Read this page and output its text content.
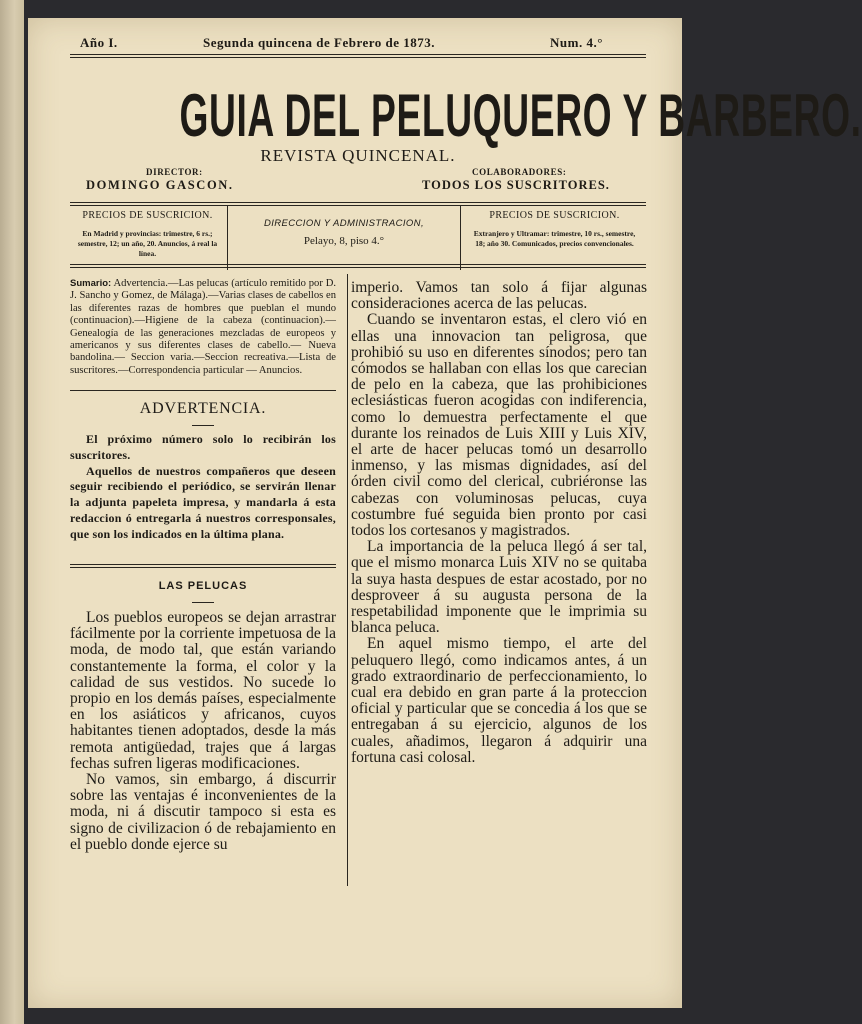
Año I.	Segunda quincena de Febrero de 1873.	Num. 4.°
GUIA DEL PELUQUERO Y BARBERO.
REVISTA QUINCENAL.
DIRECTOR:
DOMINGO GASCON.
COLABORADORES:
TODOS LOS SUSCRITORES.
PRECIOS DE SUSCRICION.
En Madrid y provincias: trimestre, 6 rs.; semestre, 12; un año, 20. Anuncios, á real la línea.
DIRECCION Y ADMINISTRACION,
Pelayo, 8, piso 4.°
PRECIOS DE SUSCRICION.
Extranjero y Ultramar: trimestre, 10 rs., semestre, 18; año 30. Comunicados, precios convencionales.

Sumario: Advertencia.—Las pelucas (artículo remitido por D. J. Sancho y Gomez, de Málaga).—Varias clases de cabellos en las diferentes razas de hombres que pueblan el mundo (continuacion).—Higiene de la cabeza (continuacion).—Genealogía de las generaciones mezcladas de europeos y americanos y sus diferentes clases de cabello.— Nueva bandolina.— Seccion varia.—Seccion recreativa.—Lista de suscritores.—Correspondencia particular — Anuncios.

ADVERTENCIA.

El próximo número solo lo recibirán los suscritores.

Aquellos de nuestros compañeros que deseen seguir recibiendo el periódico, se servirán llenar la adjunta papeleta impresa, y mandarla á esta redaccion ó entregarla á nuestros corresponsales, que son los indicados en la última plana.

LAS PELUCAS

Los pueblos europeos se dejan arrastrar fácilmente por la corriente impetuosa de la moda, de modo tal, que están variando constantemente la forma, el color y la calidad de sus vestidos. No sucede lo propio en los demás países, especialmente en los asiáticos y africanos, cuyos habitantes tienen adoptados, desde la más remota antigüedad, trajes que á largas fechas sufren ligeras modificaciones.

No vamos, sin embargo, á discurrir sobre las ventajas é inconvenientes de la moda, ni á discutir tampoco si esta es signo de civilizacion ó de rebajamiento en el pueblo donde ejerce su

imperio. Vamos tan solo á fijar algunas consideraciones acerca de las pelucas.

Cuando se inventaron estas, el clero vió en ellas una innovacion tan peligrosa, que prohibió su uso en diferentes sínodos; pero tan cómodos se hallaban con ellas los que carecian de pelo en la cabeza, que las prohibiciones eclesiásticas fueron acogidas con indiferencia, como lo demuestra perfectamente el que durante los reinados de Luis XIII y Luis XIV, el arte de hacer pelucas tomó un desarrollo inmenso, y las mismas dignidades, así del órden civil como del clerical, cubriéronse las cabezas con voluminosas pelucas, cuya costumbre fué seguida bien pronto por casi todos los cortesanos y magistrados.

La importancia de la peluca llegó á ser tal, que el mismo monarca Luis XIV no se quitaba la suya hasta despues de estar acostado, por no desproveer á su augusta persona de la respetabilidad imponente que le imprimia su blanca peluca.

En aquel mismo tiempo, el arte del peluquero llegó, como indicamos antes, á un grado extraordinario de perfeccionamiento, lo cual era debido en gran parte á la proteccion oficial y particular que se concedia á los que se entregaban á su ejercicio, algunos de los cuales, añadimos, llegaron á adquirir una fortuna casi colosal.
